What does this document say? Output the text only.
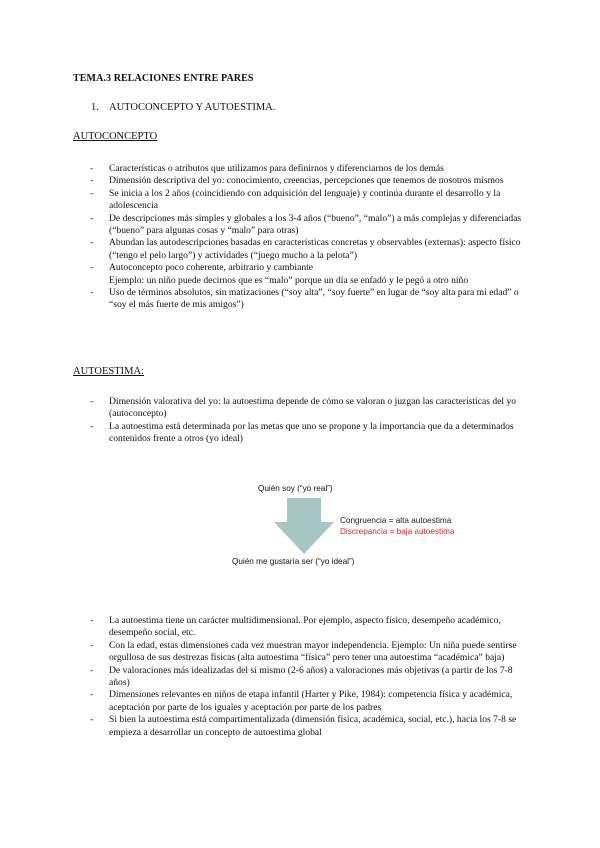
TEMA.3 RELACIONES ENTRE PARES
1. AUTOCONCEPTO Y AUTOESTIMA.
AUTOCONCEPTO
- Características o atributos que utilizamos para definirnos y diferenciarnos de los demás
- Dimensión descriptiva del yo: conocimiento, creencias, percepciones que tenemos de nosotros mismos
- Se inicia a los 2 años (coincidiendo con adquisición del lenguaje) y continúa durante el desarrollo y la adolescencia
- De descripciones más simples y globales a los 3-4 años (“bueno”, “malo”) a más complejas y diferenciadas (“bueno” para algunas cosas y “malo” para otras)
- Abundan las autodescripciones basadas en características concretas y observables (externas): aspecto físico (“tengo el pelo largo”) y actividades (“juego mucho a la pelota”)
- Autoconcepto poco coherente, arbitrario y cambiante
Ejemplo: un niño puede decirnos que es “malo” porque un día se enfadó y le pegó a otro niño
- Uso de términos absolutos, sin matizaciones (“soy alta”, “soy fuerte” en lugar de “soy alta para mi edad” o “soy el más fuerte de mis amigos”)
AUTOESTIMA:
- Dimensión valorativa del yo: la autoestima depende de cómo se valoran o juzgan las características del yo (autoconcepto)
- La autoestima está determinada por las metas que uno se propone y la importancia que da a determinados contenidos frente a otros (yo ideal)
Quién soy (“yo real”)
Congruencia = alta autoestima
Discrepancia = baja autoestima
Quién me gustaría ser (“yo ideal”)
- La autoestima tiene un carácter multidimensional. Por ejemplo, aspecto físico, desempeño académico, desempeño social, etc.
- Con la edad, estas dimensiones cada vez muestran mayor independencia. Ejemplo: Un niña puede sentirse orgullosa de sus destrezas físicas (alta autoestima “física” pero tener una autoestima “académica” baja)
- De valoraciones más idealizadas del sí mismo (2-6 años) a valoraciones más objetivas (a partir de los 7-8 años)
- Dimensiones relevantes en niños de etapa infantil (Harter y Pike, 1984): competencia física y académica, aceptación por parte de los iguales y aceptación por parte de los padres
- Si bien la autoestima está compartimentalizada (dimensión física, académica, social, etc.), hacia los 7-8 se empieza a desarrollar un concepto de autoestima global
